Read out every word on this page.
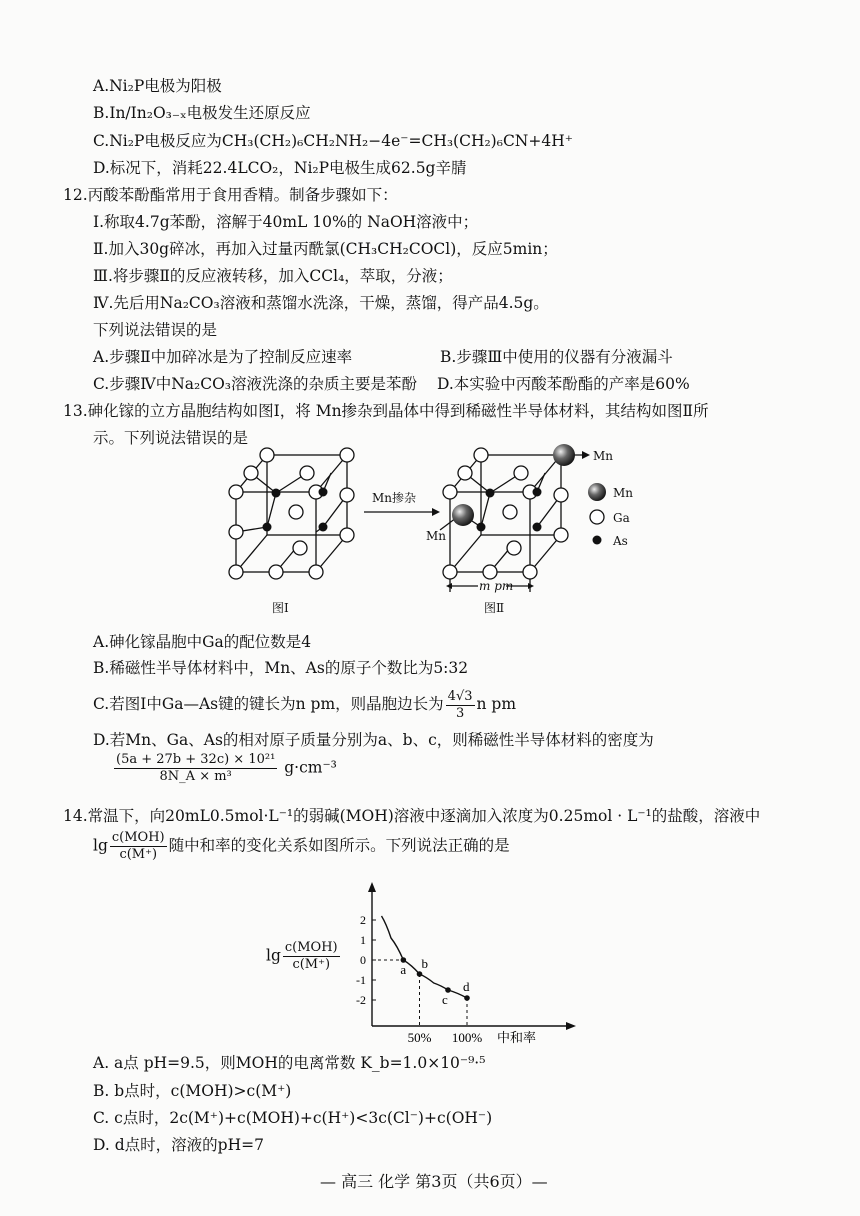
A.Ni₂P电极为阳极
B.In/In₂O₃₋ₓ电极发生还原反应
C.Ni₂P电极反应为CH₃(CH₂)₆CH₂NH₂−4e⁻=CH₃(CH₂)₆CN+4H⁺
D.标况下，消耗22.4LCO₂，Ni₂P电极生成62.5g辛腈
12.丙酸苯酚酯常用于食用香精。制备步骤如下：
Ⅰ.称取4.7g苯酚，溶解于40mL 10%的 NaOH溶液中；
Ⅱ.加入30g碎冰，再加入过量丙酰氯(CH₃CH₂COCl)，反应5min；
Ⅲ.将步骤Ⅱ的反应液转移，加入CCl₄，萃取，分液；
Ⅳ.先后用Na₂CO₃溶液和蒸馏水洗涤，干燥，蒸馏，得产品4.5g。
下列说法错误的是
A.步骤Ⅱ中加碎冰是为了控制反应速率	B.步骤Ⅲ中使用的仪器有分液漏斗
C.步骤Ⅳ中Na₂CO₃溶液洗涤的杂质主要是苯酚 D.本实验中丙酸苯酚酯的产率是60%
13.砷化镓的立方晶胞结构如图Ⅰ，将 Mn掺杂到晶体中得到稀磁性半导体材料，其结构如图Ⅱ所
示。下列说法错误的是
Mn掺杂
Mn
Mn
m pm
Mn
Ga
As
图Ⅰ	图Ⅱ
A.砷化镓晶胞中Ga的配位数是4
B.稀磁性半导体材料中，Mn、As的原子个数比为5:32
C.若图Ⅰ中Ga—As键的键长为n pm，则晶胞边长为 $\frac{4√3}{3}$ n pm
D.若Mn、Ga、As的相对原子质量分别为a、b、c，则稀磁性半导体材料的密度为
$\frac{\text{(5a + 27b + 32c) × 10²¹}}{\text{8N\_A × m³}} g\cdot cm^{-3}$
14.常温下，向20mL0.5mol·L⁻¹的弱碱(MOH)溶液中逐滴加入浓度为0.25mol · L⁻¹的盐酸，溶液中
$\lg \frac{\text{c(MOH)}}{c(M^+)}$ 随中和率的变化关系如图所示。下列说法正确的是
$\lg \frac{\text{c(MOH)}}{c(M^+)}$
2
1
0
-1
-2
a b
c
d
50% 100% 中和率
A. a点 pH=9.5，则MOH的电离常数 K_b=1.0×10⁻⁹·⁵
B. b点时，c(MOH)>c(M⁺)
C. c点时，2c(M⁺)+c(MOH)+c(H⁺)<3c(Cl⁻)+c(OH⁻)
D. d点时，溶液的pH=7
— 高三 化学 第3页（共6页）—
